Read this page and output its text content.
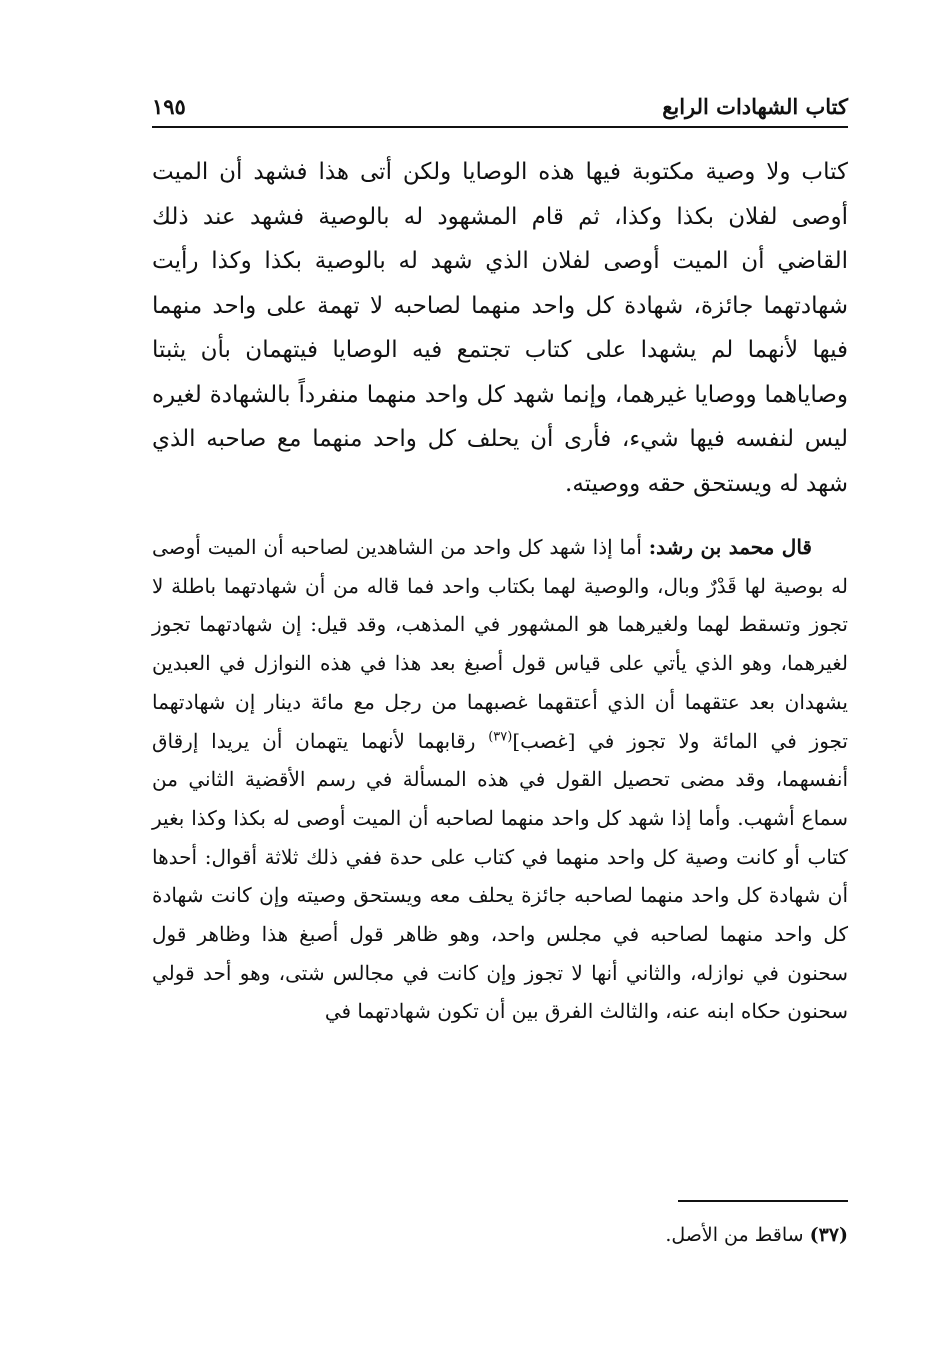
كتاب الشهادات الرابع
١٩٥

كتاب ولا وصية مكتوبة فيها هذه الوصايا ولكن أتى هذا فشهد أن الميت أوصى لفلان بكذا وكذا، ثم قام المشهود له بالوصية فشهد عند ذلك القاضي أن الميت أوصى لفلان الذي شهد له بالوصية بكذا وكذا رأيت شهادتهما جائزة، شهادة كل واحد منهما لصاحبه لا تهمة على واحد منهما فيها لأنهما لم يشهدا على كتاب تجتمع فيه الوصايا فيتهمان بأن يثبتا وصاياهما ووصايا غيرهما، وإنما شهد كل واحد منهما منفرداً بالشهادة لغيره ليس لنفسه فيها شيء، فأرى أن يحلف كل واحد منهما مع صاحبه الذي شهد له ويستحق حقه ووصيته.

قال محمد بن رشد: أما إذا شهد كل واحد من الشاهدين لصاحبه أن الميت أوصى له بوصية لها قَدْرٌ وبال، والوصية لهما بكتاب واحد فما قاله من أن شهادتهما باطلة لا تجوز وتسقط لهما ولغيرهما هو المشهور في المذهب، وقد قيل: إن شهادتهما تجوز لغيرهما، وهو الذي يأتي على قياس قول أصبغ بعد هذا في هذه النوازل في العبدين يشهدان بعد عتقهما أن الذي أعتقهما غصبهما من رجل مع مائة دينار إن شهادتهما تجوز في المائة ولا تجوز في [غصب]$^{(٣٧)}$ رقابهما لأنهما يتهمان أن يريدا إرقاق أنفسهما، وقد مضى تحصيل القول في هذه المسألة في رسم الأقضية الثاني من سماع أشهب. وأما إذا شهد كل واحد منهما لصاحبه أن الميت أوصى له بكذا وكذا بغير كتاب أو كانت وصية كل واحد منهما في كتاب على حدة ففي ذلك ثلاثة أقوال: أحدها أن شهادة كل واحد منهما لصاحبه جائزة يحلف معه ويستحق وصيته وإن كانت شهادة كل واحد منهما لصاحبه في مجلس واحد، وهو ظاهر قول أصبغ هذا وظاهر قول سحنون في نوازله، والثاني أنها لا تجوز وإن كانت في مجالس شتى، وهو أحد قولي سحنون حكاه ابنه عنه، والثالث الفرق بين أن تكون شهادتهما في

(٣٧) ساقط من الأصل.
